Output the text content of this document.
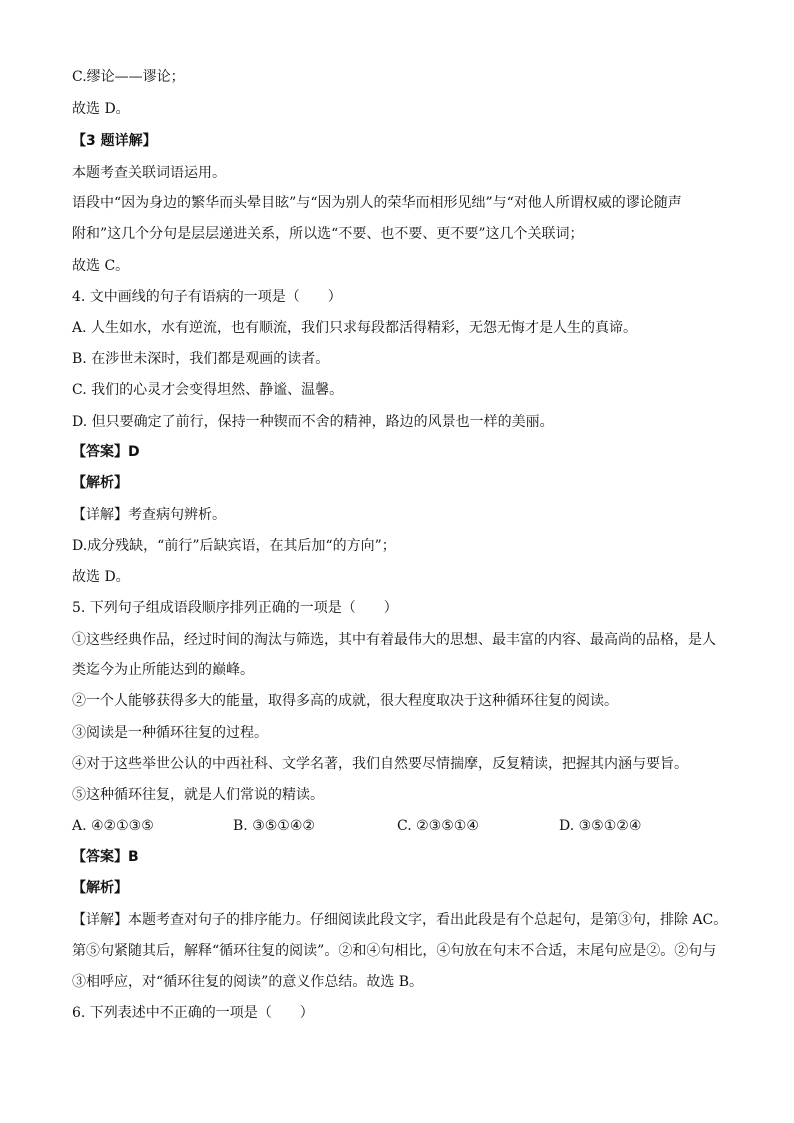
C.缪论——谬论；
故选 D。
【3 题详解】
本题考查关联词语运用。
语段中“因为身边的繁华而头晕目眩”与“因为别人的荣华而相形见绌”与“对他人所谓权威的谬论随声
附和”这几个分句是层层递进关系，所以选“不要、也不要、更不要”这几个关联词；
故选 C。
4. 文中画线的句子有语病的一项是（　　）
A. 人生如水，水有逆流，也有顺流，我们只求每段都活得精彩，无怨无悔才是人生的真谛。
B. 在涉世未深时，我们都是观画的读者。
C. 我们的心灵才会变得坦然、静谧、温馨。
D. 但只要确定了前行，保持一种锲而不舍的精神，路边的风景也一样的美丽。
【答案】D
【解析】
【详解】考查病句辨析。
D.成分残缺，“前行”后缺宾语，在其后加“的方向”；
故选 D。
5. 下列句子组成语段顺序排列正确的一项是（　　）
①这些经典作品，经过时间的淘汰与筛选，其中有着最伟大的思想、最丰富的内容、最高尚的品格，是人
类迄今为止所能达到的巅峰。
②一个人能够获得多大的能量，取得多高的成就，很大程度取决于这种循环往复的阅读。
③阅读是一种循环往复的过程。
④对于这些举世公认的中西社科、文学名著，我们自然要尽情揣摩，反复精读，把握其内涵与要旨。
⑤这种循环往复，就是人们常说的精读。
A. ④②①③⑤	B. ③⑤①④②	C. ②③⑤①④	D. ③⑤①②④
【答案】B
【解析】
【详解】本题考查对句子的排序能力。仔细阅读此段文字，看出此段是有个总起句，是第③句，排除 AC。
第⑤句紧随其后，解释“循环往复的阅读”。②和④句相比，④句放在句末不合适，末尾句应是②。②句与
③相呼应，对“循环往复的阅读”的意义作总结。故选 B。
6. 下列表述中不正确的一项是（　　）
